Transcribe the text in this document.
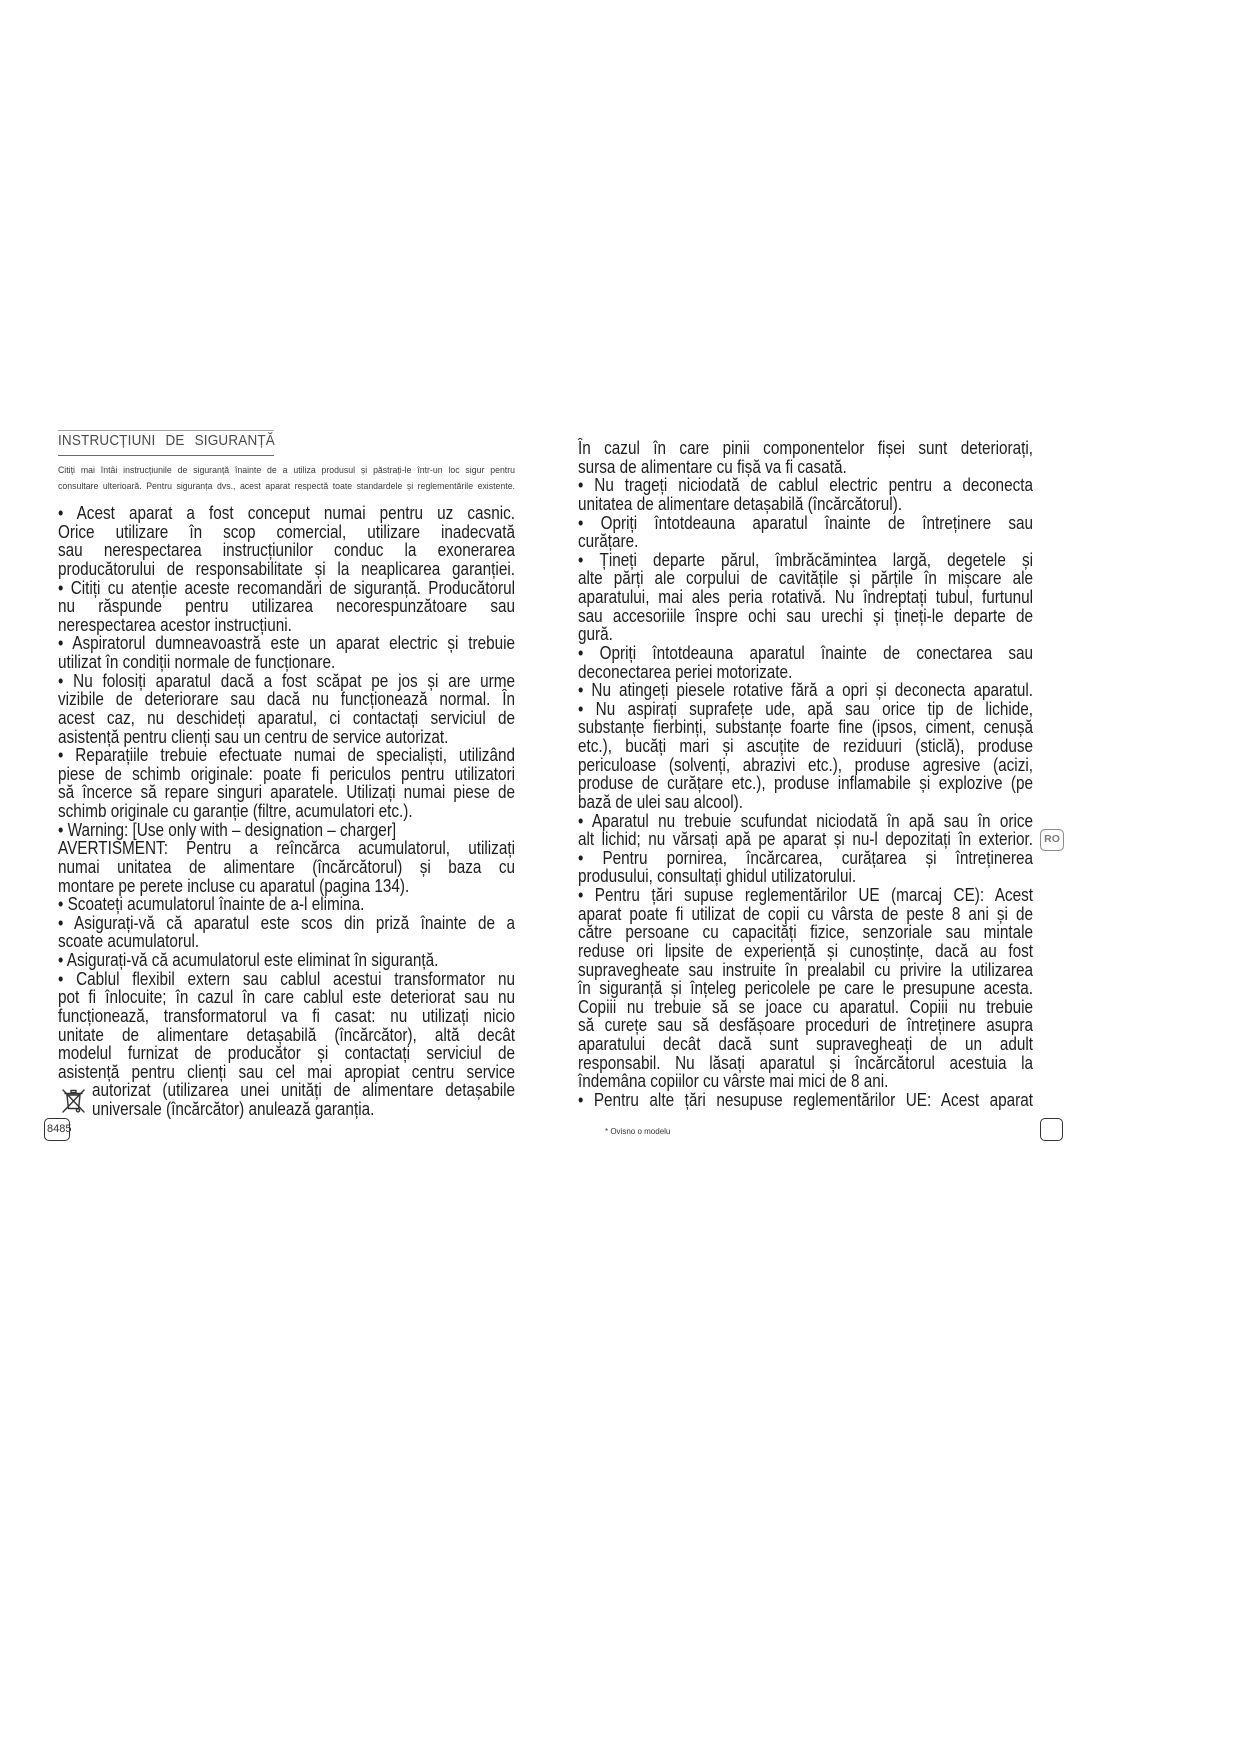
INSTRUCȚIUNI DE SIGURANȚĂ
Citiți mai întâi instrucțiunile de siguranță înainte de a utiliza produsul și păstrați-le într-un loc sigur pentru
consultare ulterioară. Pentru siguranța dvs., acest aparat respectă toate standardele și reglementările existente.
• Acest aparat a fost conceput numai pentru uz casnic.
Orice utilizare în scop comercial, utilizare inadecvată
sau nerespectarea instrucțiunilor conduc la exonerarea
producătorului de responsabilitate și la neaplicarea garanției.
• Citiți cu atenție aceste recomandări de siguranță. Producătorul
nu răspunde pentru utilizarea necorespunzătoare sau
nerespectarea acestor instrucțiuni.
• Aspiratorul dumneavoastră este un aparat electric și trebuie
utilizat în condiții normale de funcționare.
• Nu folosiți aparatul dacă a fost scăpat pe jos și are urme
vizibile de deteriorare sau dacă nu funcționează normal. În
acest caz, nu deschideți aparatul, ci contactați serviciul de
asistență pentru clienți sau un centru de service autorizat.
• Reparațiile trebuie efectuate numai de specialiști, utilizând
piese de schimb originale: poate fi periculos pentru utilizatori
să încerce să repare singuri aparatele. Utilizați numai piese de
schimb originale cu garanție (filtre, acumulatori etc.).
• Warning: [Use only with – designation – charger]
AVERTISMENT: Pentru a reîncărca acumulatorul, utilizați
numai unitatea de alimentare (încărcătorul) și baza cu
montare pe perete incluse cu aparatul (pagina 134).
• Scoateți acumulatorul înainte de a-l elimina.
• Asigurați-vă că aparatul este scos din priză înainte de a
scoate acumulatorul.
• Asigurați-vă că acumulatorul este eliminat în siguranță.
• Cablul flexibil extern sau cablul acestui transformator nu
pot fi înlocuite; în cazul în care cablul este deteriorat sau nu
funcționează, transformatorul va fi casat: nu utilizați nicio
unitate de alimentare detașabilă (încărcător), altă decât
modelul furnizat de producător și contactați serviciul de
asistență pentru clienți sau cel mai apropiat centru service
autorizat (utilizarea unei unități de alimentare detașabile
universale (încărcător) anulează garanția.
8485
În cazul în care pinii componentelor fișei sunt deteriorați,
sursa de alimentare cu fișă va fi casată.
• Nu trageți niciodată de cablul electric pentru a deconecta
unitatea de alimentare detașabilă (încărcătorul).
• Opriți întotdeauna aparatul înainte de întreținere sau
curățare.
• Țineți departe părul, îmbrăcămintea largă, degetele și
alte părți ale corpului de cavitățile și părțile în mișcare ale
aparatului, mai ales peria rotativă. Nu îndreptați tubul, furtunul
sau accesoriile înspre ochi sau urechi și țineți-le departe de
gură.
• Opriți întotdeauna aparatul înainte de conectarea sau
deconectarea periei motorizate.
• Nu atingeți piesele rotative fără a opri și deconecta aparatul.
• Nu aspirați suprafețe ude, apă sau orice tip de lichide,
substanțe fierbinți, substanțe foarte fine (ipsos, ciment, cenușă
etc.), bucăți mari și ascuțite de reziduuri (sticlă), produse
periculoase (solvenți, abrazivi etc.), produse agresive (acizi,
produse de curățare etc.), produse inflamabile și explozive (pe
bază de ulei sau alcool).
• Aparatul nu trebuie scufundat niciodată în apă sau în orice
alt lichid; nu vărsați apă pe aparat și nu-l depozitați în exterior.
• Pentru pornirea, încărcarea, curățarea și întreținerea
produsului, consultați ghidul utilizatorului.
• Pentru țări supuse reglementărilor UE (marcaj CE): Acest
aparat poate fi utilizat de copii cu vârsta de peste 8 ani și de
către persoane cu capacități fizice, senzoriale sau mintale
reduse ori lipsite de experiență și cunoștințe, dacă au fost
supravegheate sau instruite în prealabil cu privire la utilizarea
în siguranță și înțeleg pericolele pe care le presupune acesta.
Copiii nu trebuie să se joace cu aparatul. Copiii nu trebuie
să curețe sau să desfășoare proceduri de întreținere asupra
aparatului decât dacă sunt supravegheați de un adult
responsabil. Nu lăsați aparatul și încărcătorul acestuia la
îndemâna copiilor cu vârste mai mici de 8 ani.
• Pentru alte țări nesupuse reglementărilor UE: Acest aparat
RO
* Ovisno o modelu
